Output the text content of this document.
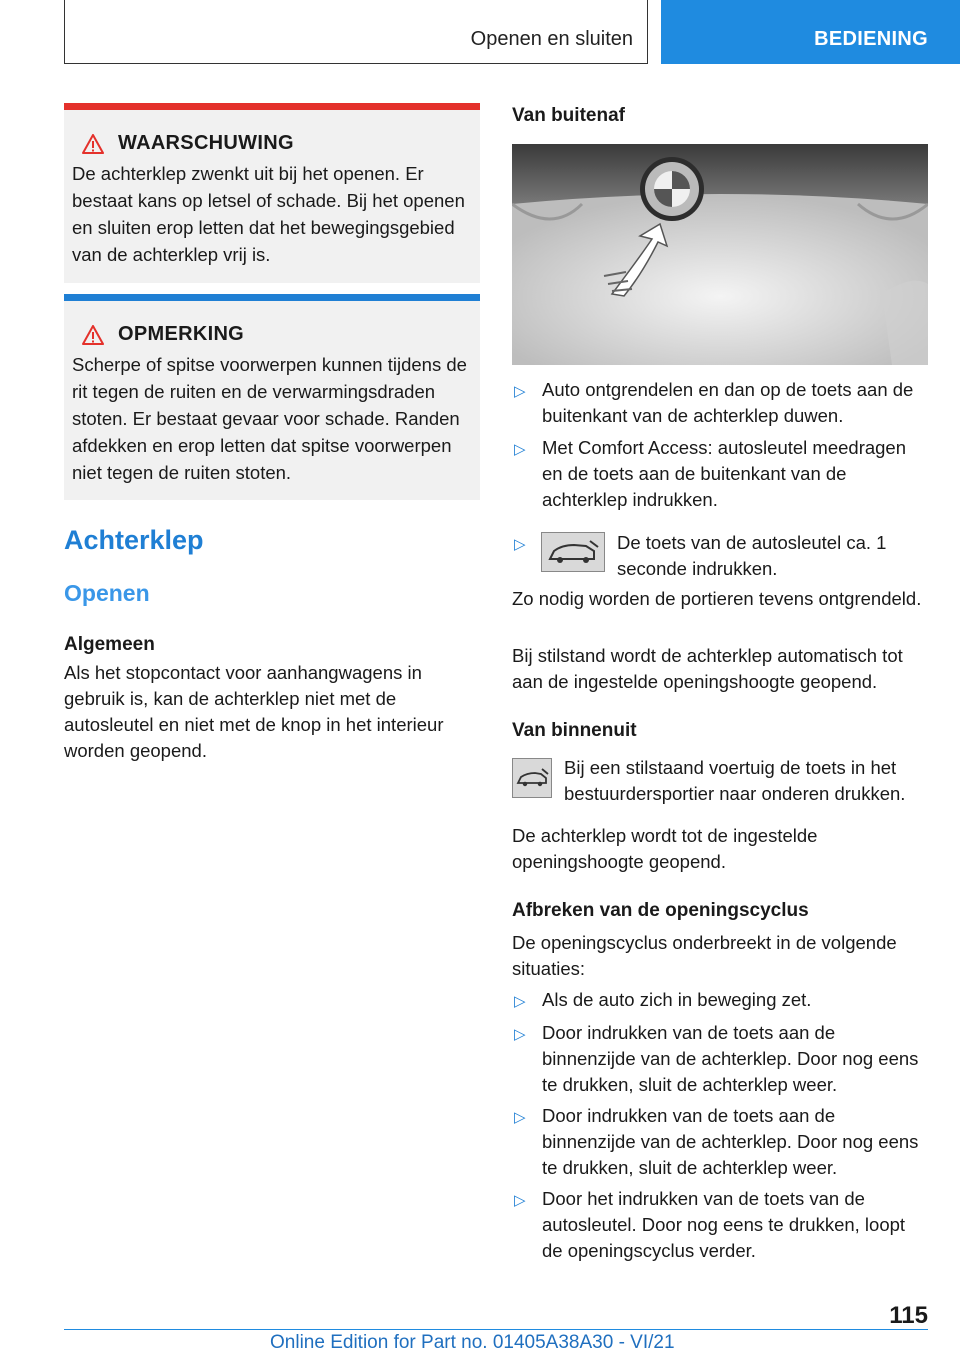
Openen en sluiten	BEDIENING
WAARSCHUWING
De achterklep zwenkt uit bij het openen. Er bestaat kans op letsel of schade. Bij het openen en sluiten erop letten dat het bewegingsgebied van de achterklep vrij is.
OPMERKING
Scherpe of spitse voorwerpen kunnen tijdens de rit tegen de ruiten en de verwarmingsdraden stoten. Er bestaat gevaar voor schade. Randen afdekken en erop letten dat spitse voorwerpen niet tegen de ruiten stoten.
Achterklep
Openen
Algemeen
Als het stopcontact voor aanhangwagens in gebruik is, kan de achterklep niet met de autosleutel en niet met de knop in het interieur worden geopend.
Van buitenaf
▷ Auto ontgrendelen en dan op de toets aan de buitenkant van de achterklep duwen.
▷ Met Comfort Access: autosleutel meedragen en de toets aan de buitenkant van de achterklep indrukken.
▷	De toets van de autosleutel ca. 1 seconde indrukken.
Zo nodig worden de portieren tevens ontgrendeld.
Bij stilstand wordt de achterklep automatisch tot aan de ingestelde openingshoogte geopend.
Van binnenuit
Bij een stilstaand voertuig de toets in het bestuurdersportier naar onderen drukken.
De achterklep wordt tot de ingestelde openingshoogte geopend.
Afbreken van de openingscyclus
De openingscyclus onderbreekt in de volgende situaties:
▷ Als de auto zich in beweging zet.
▷ Door indrukken van de toets aan de binnenzijde van de achterklep. Door nog eens te drukken, sluit de achterklep weer.
▷ Door indrukken van de toets aan de binnenzijde van de achterklep. Door nog eens te drukken, sluit de achterklep weer.
▷ Door het indrukken van de toets van de autosleutel. Door nog eens te drukken, loopt de openingscyclus verder.
115
Online Edition for Part no. 01405A38A30 - VI/21
